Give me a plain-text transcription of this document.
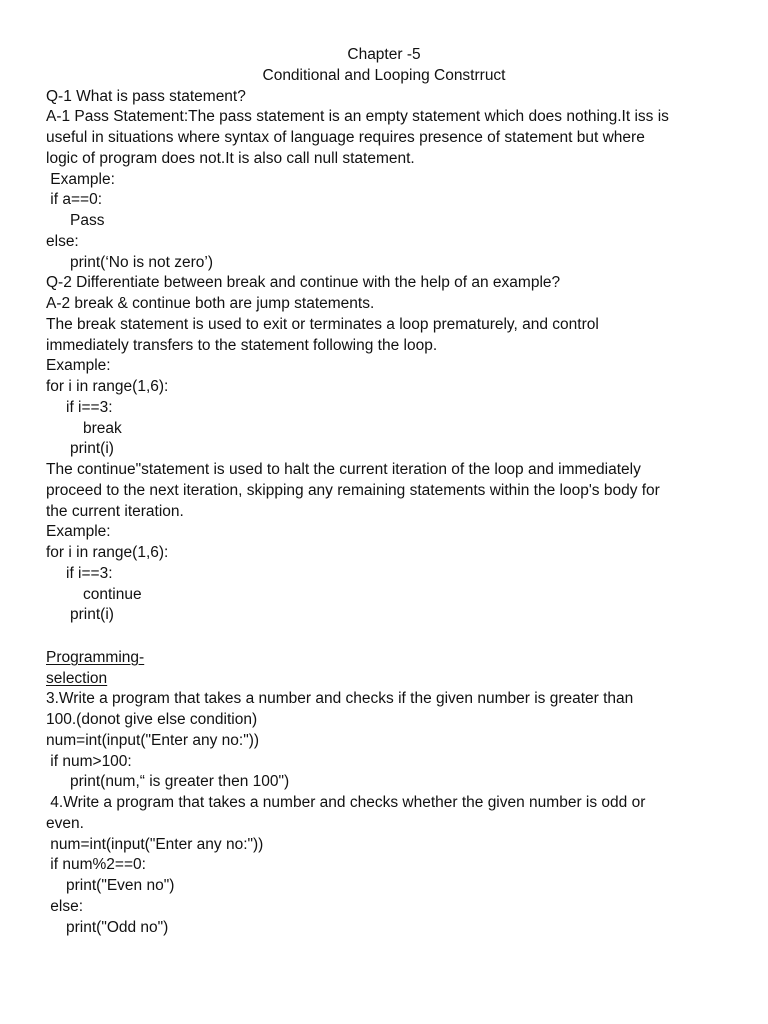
Chapter -5
Conditional and Looping Constrruct
Q-1 What is pass statement?
A-1 Pass Statement:The pass statement is an empty statement which does nothing.It iss is
useful in situations where syntax of language requires presence of statement but where
logic of program does not.It is also call null statement.
Example:
if a==0:
Pass
else:
print(‘No is not zero’)
Q-2 Differentiate between break and continue with the help of an example?
A-2 break & continue both are jump statements.
The break statement is used to exit or terminates a loop prematurely, and control
immediately transfers to the statement following the loop.
Example:
for i in range(1,6):
if i==3:
break
print(i)
The continue"statement is used to halt the current iteration of the loop and immediately
proceed to the next iteration, skipping any remaining statements within the loop's body for
the current iteration.
Example:
for i in range(1,6):
if i==3:
continue
print(i)
Programming-
selection
3.Write a program that takes a number and checks if the given number is greater than
100.(donot give else condition)
num=int(input("Enter any no:"))
if num>100:
print(num,“ is greater then 100")
4.Write a program that takes a number and checks whether the given number is odd or
even.
num=int(input("Enter any no:"))
if num%2==0:
print("Even no")
else:
print("Odd no")
